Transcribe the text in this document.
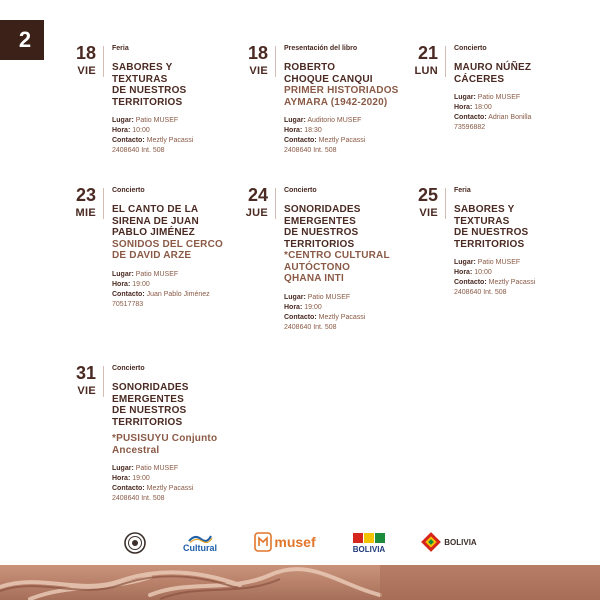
2
18
VIE
Feria
SABORES Y
TEXTURAS
DE NUESTROS
TERRITORIOS
Lugar: Patio MUSEF
Hora: 10:00
Contacto: Meztly Pacassi
2408640 Int. 508
18
VIE
Presentación del libro
ROBERTO
CHOQUE CANQUI
PRIMER HISTORIADOS
AYMARA (1942-2020)
Lugar: Auditorio MUSEF
Hora: 18:30
Contacto: Meztly Pacassi
2408640 Int. 508
21
LUN
Concierto
MAURO NÚÑEZ
CÁCERES
Lugar: Patio MUSEF
Hora: 18:00
Contacto: Adrian Bonilla
73596882
23
MIE
Concierto
EL CANTO DE LA
SIRENA DE JUAN
PABLO JIMÉNEZ
SONIDOS DEL CERCO
DE DAVID ARZE
Lugar: Patio MUSEF
Hora: 19:00
Contacto: Juan Pablo Jiménez
70517783
24
JUE
Concierto
SONORIDADES
EMERGENTES
DE NUESTROS
TERRITORIOS
*CENTRO CULTURAL
AUTÓCTONO
QHANA INTI
Lugar: Patio MUSEF
Hora: 19:00
Contacto: Meztly Pacassi
2408640 Int. 508
25
VIE
Feria
SABORES Y
TEXTURAS
DE NUESTROS
TERRITORIOS
Lugar: Patio MUSEF
Hora: 10:00
Contacto: Meztly Pacassi
2408640 Int. 508
31
VIE
Concierto
SONORIDADES
EMERGENTES
DE NUESTROS
TERRITORIOS
*PUSISUYU Conjunto
Ancestral
Lugar: Patio MUSEF
Hora: 19:00
Contacto: Meztly Pacassi
2408640 Int. 508
Cultural	musef	BOLIVIA
BOLIVIA
